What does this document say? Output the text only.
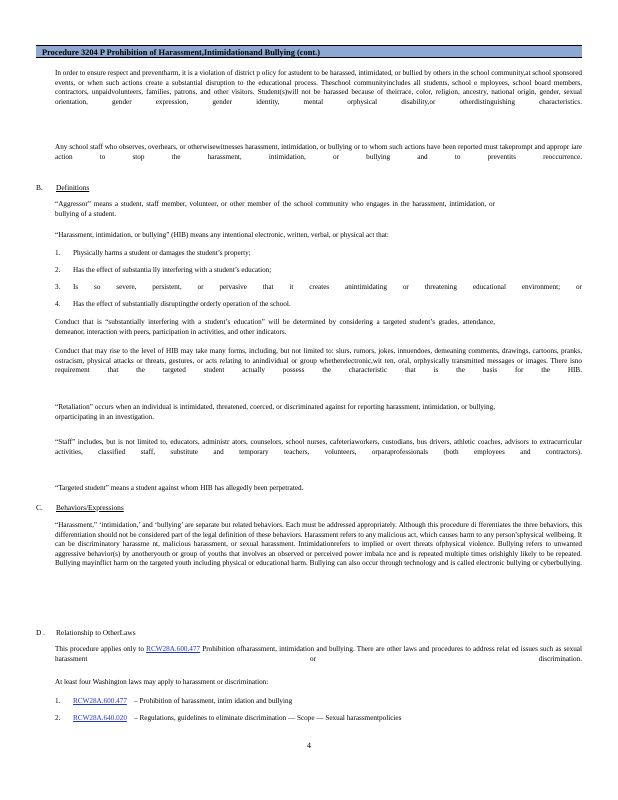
Procedure 3204 P Prohibition of Harassment,Intimidationand Bullying (cont.)

In order to ensure respect and preventharm, it is a violation of district p olicy for astudent to be harassed, intimidated, or bullied by others in the school community,at school sponsored events, or when such actions create a substantial disruption to the educational process. Theschool communityincludes all students, school e mployees, school board members, contractors, unpaidvolunteers, families, patrons, and other visitors. Student(s)will not be harassed because of theirrace, color, religion, ancestry, national origin, gender, sexual orientation, gender expression, gender identity, mental orphysical disability,or otherdistinguishing characteristics.

Any school staff who observes, overhears, or otherwisewitnesses harassment, intimidation, or bullying or to whom such actions have been reported must takeprompt and appropr iare action to stop the harassment, intimidation, or bullying and to preventits reoccurrence.

B. Definitions

“Aggressor” means a student, staff member, volunteer, or other member of the school community who engages in the harassment, intimidation, or bullying of a student.

“Harassment, intimidation, or bullying” (HIB) means any intentional electronic, written, verbal, or physical act that:

1. Physically harms a student or damages the student’s property;
2. Has the effect of substantia lly interfering with a student’s education;
3. Is so severe, persistent, or pervasive that it creates anintimidating or threatening educational environment; or
4. Has the effect of substantially disruptingthe orderly operation of the school.

Conduct that is “substantially interfering with a student’s education” will be determined by considering a targeted student’s grades, attendance, demeanor, interaction with peers, participation in activities, and other indicators.

Conduct that may rise to the level of HIB may take many forms, including, but not limited to: slurs, rumors, jokes, innuendoes, demeaning comments, drawings, cartoons, pranks, ostracism, physical attacks or threats, gestures, or acts relating to anindividual or group whetherelectronic,wit ten, oral, orphysically transmitted messages or images. There isno requirement that the targeted student actually possess the characteristic that is the basis for the HIB.

“Retaliation” occurs when an individual is intimidated, threatened, coerced, or discriminated against for reporting harassment, intimidation, or bullying, orparticipating in an investigation.

“Staff” includes, but is not limited to, educators, administr ators, counselors, school nurses, cafeteriaworkers, custodians, bus drivers, athletic coaches, advisors to extracurricular activities, classified staff, substitute and temporary teachers, volunteers, orparaprofessionals (both employees and contractors).

“Targeted student” means a student against whom HIB has allegedly been perpetrated.

C. Behaviors/Expressions

“Harassment,” ‘intimidation,’ and ‘bullying’ are separate but related behaviors. Each must be addressed appropriately. Although this procedure di fferentiates the three behaviors, this differentiation should not be considered part of the legal definition of these behaviors. Harassment refers to any malicious act, which causes harm to any person’sphysical wellbeing. It can be discriminatory harassme nt, malicious harassment, or sexual harassment. Intimidationrefers to implied or overt threats ofphysical violence. Bullying refers to unwanted aggressive behavior(s) by anotheryouth or group of youths that involves an observed or perceived power imbala nce and is repeated multiple times orishighly likely to be repeated. Bullying mayinflict harm on the targeted youth including physical or educational harm. Bullying can also occur through technology and is called electronic bullying or cyberbullying.

D . Relationship to OtherLaws

This procedure applies only to RCW28A.600.477 Prohibition ofharassment, intimidation and bullying. There are other laws and procedures to address relat ed issues such as sexual harassment or discrimination.

At least four Washington laws may apply to harassment or discrimination:

1. RCW28A.600.477 – Prohibition of harassment, intim idation and bullying
2. RCW28A.640.020 – Regulations, guidelines to eliminate discrimination — Scope — Sexual harassmentpolicies
4
